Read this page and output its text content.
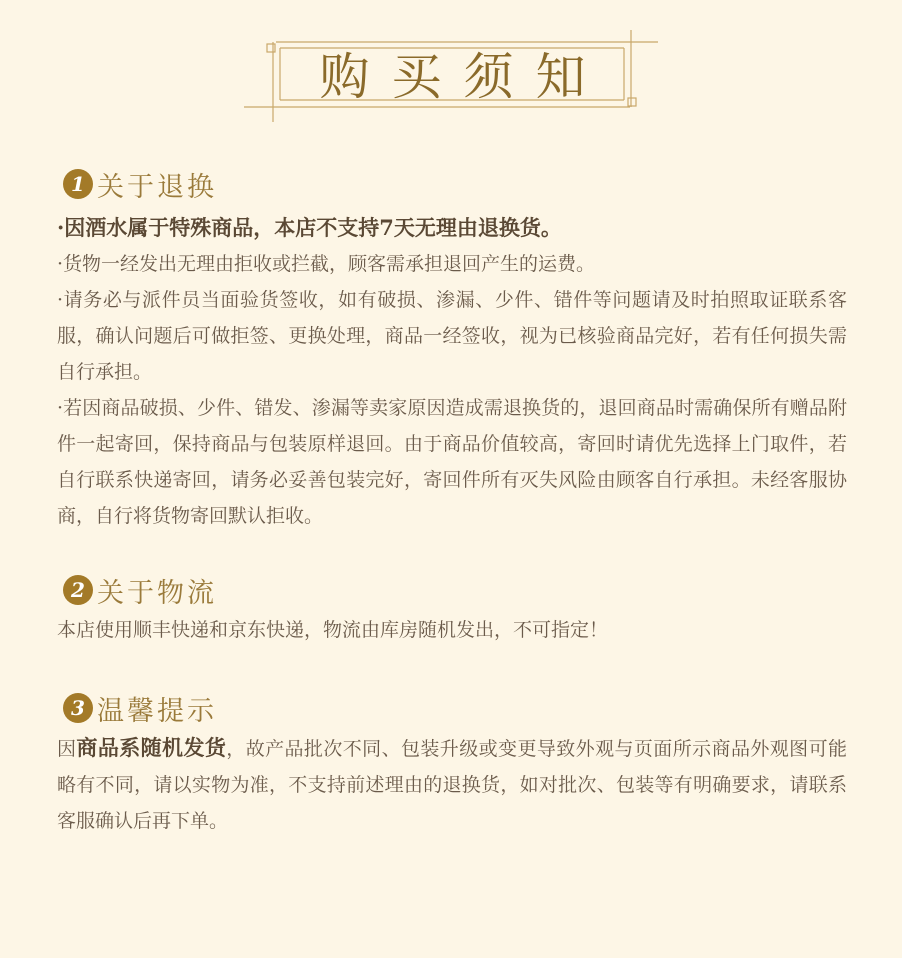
购买须知
1 关于退换

·因酒水属于特殊商品，本店不支持7天无理由退换货。

·货物一经发出无理由拒收或拦截，顾客需承担退回产生的运费。

·请务必与派件员当面验货签收，如有破损、渗漏、少件、错件等问题请及时拍照取证联系客服，确认问题后可做拒签、更换处理，商品一经签收，视为已核验商品完好，若有任何损失需自行承担。

·若因商品破损、少件、错发、渗漏等卖家原因造成需退换货的，退回商品时需确保所有赠品附件一起寄回，保持商品与包装原样退回。由于商品价值较高，寄回时请优先选择上门取件，若自行联系快递寄回，请务必妥善包装完好，寄回件所有灭失风险由顾客自行承担。未经客服协商，自行将货物寄回默认拒收。

2 关于物流

本店使用顺丰快递和京东快递，物流由库房随机发出，不可指定！

3 温馨提示

因商品系随机发货，故产品批次不同、包装升级或变更导致外观与页面所示商品外观图可能略有不同，请以实物为准，不支持前述理由的退换货，如对批次、包装等有明确要求，请联系客服确认后再下单。
